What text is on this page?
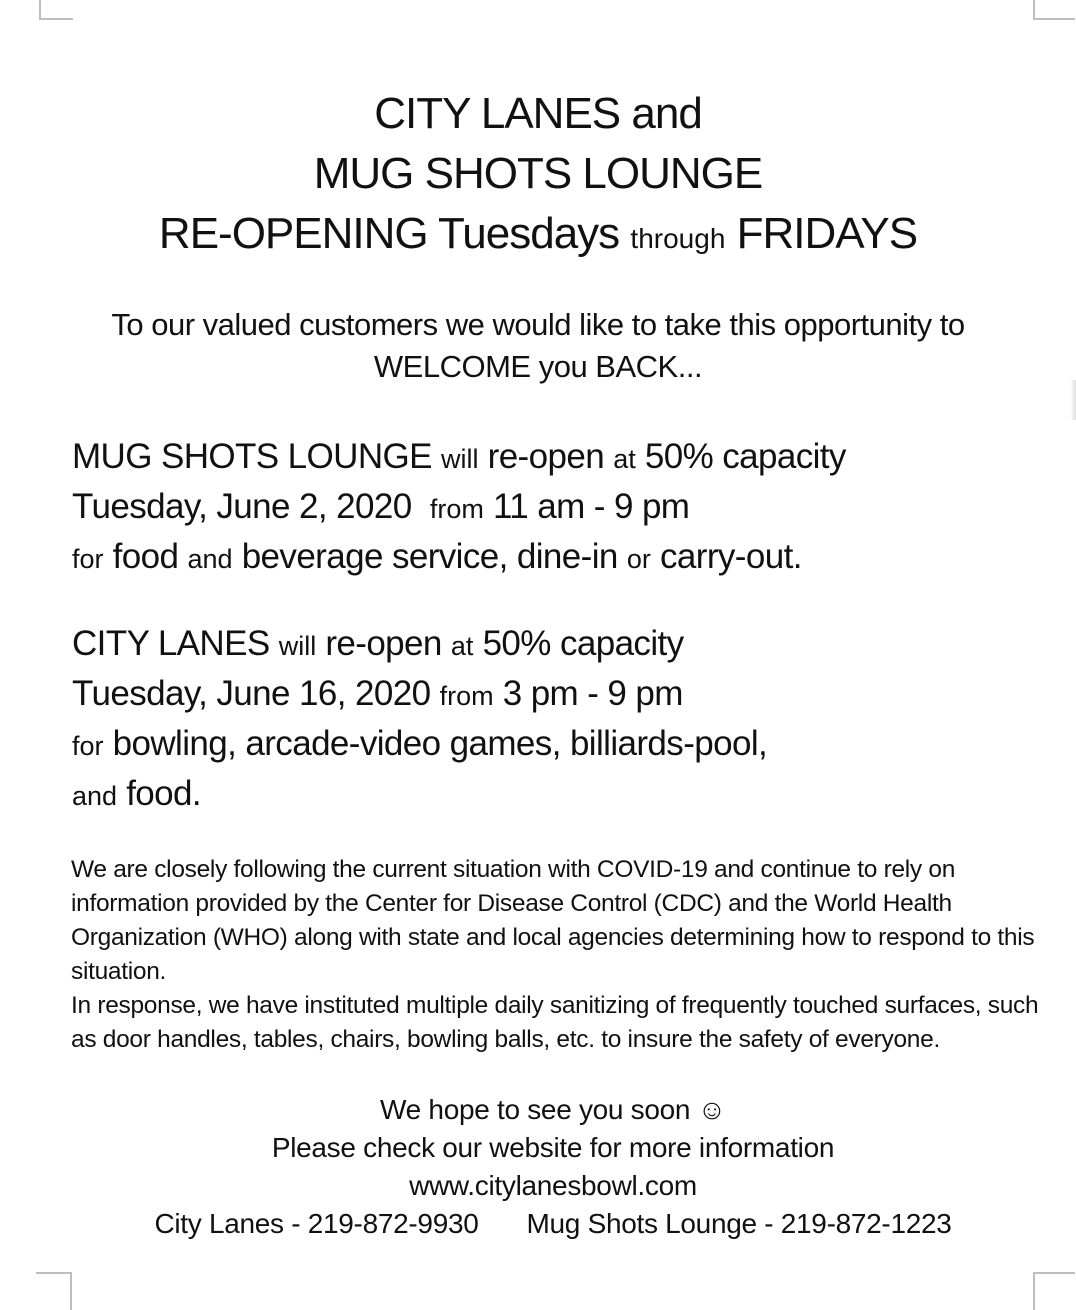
CITY LANES and
MUG SHOTS LOUNGE
RE-OPENING Tuesdays through FRIDAYS
To our valued customers we would like to take this opportunity to
WELCOME you BACK...
MUG SHOTS LOUNGE will re-open at 50% capacity
Tuesday, June 2, 2020 from 11 am - 9 pm
for food and beverage service, dine-in or carry-out.
CITY LANES will re-open at 50% capacity
Tuesday, June 16, 2020 from 3 pm - 9 pm
for bowling, arcade-video games, billiards-pool,
and food.

We are closely following the current situation with COVID-19 and continue to rely on information provided by the Center for Disease Control (CDC) and the World Health Organization (WHO) along with state and local agencies determining how to respond to this situation.

In response, we have instituted multiple daily sanitizing of frequently touched surfaces, such as door handles, tables, chairs, bowling balls, etc. to insure the safety of everyone.

We hope to see you soon ☺
Please check our website for more information
www.citylanesbowl.com
City Lanes - 219-872-9930 Mug Shots Lounge - 219-872-1223
